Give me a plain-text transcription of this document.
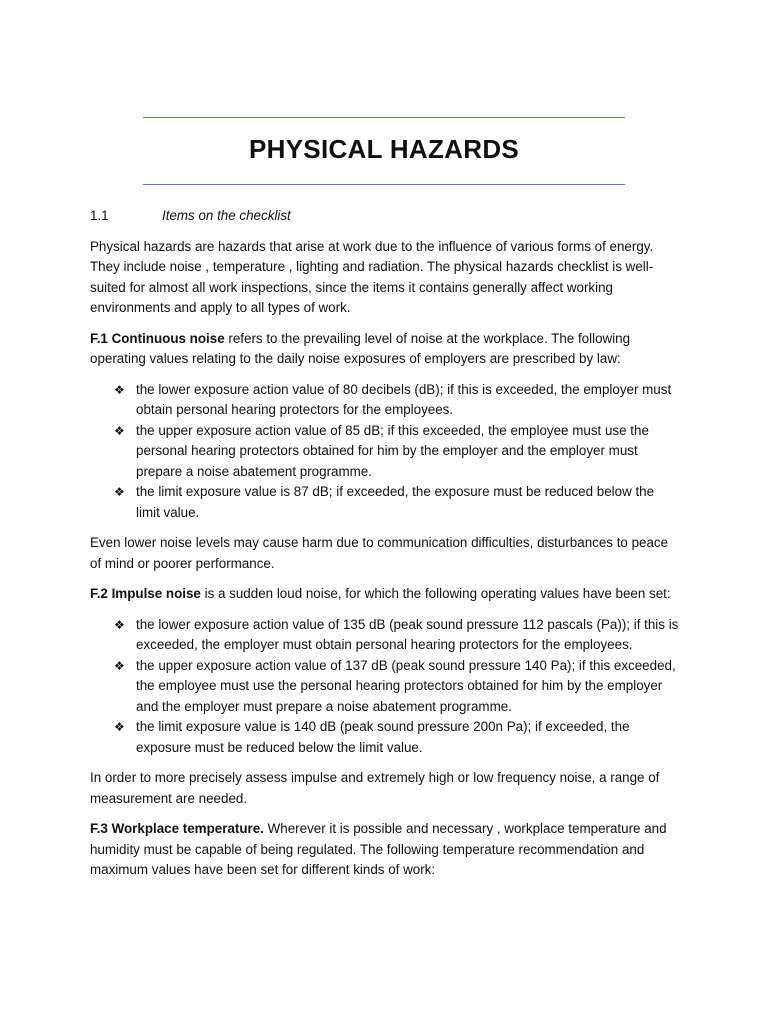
PHYSICAL HAZARDS
1.1	Items on the checklist

Physical hazards are hazards that arise at work due to the influence of various forms of energy. They include noise , temperature , lighting and radiation. The physical hazards checklist is well-suited for almost all work inspections, since the items it contains generally affect working environments and apply to all types of work.

F.1 Continuous noise refers to the prevailing level of noise at the workplace. The following operating values relating to the daily noise exposures of employers are prescribed by law:

❖ the lower exposure action value of 80 decibels (dB); if this is exceeded, the employer must obtain personal hearing protectors for the employees.
❖ the upper exposure action value of 85 dB; if this exceeded, the employee must use the personal hearing protectors obtained for him by the employer and the employer must prepare a noise abatement programme.
❖ the limit exposure value is 87 dB; if exceeded, the exposure must be reduced below the limit value.

Even lower noise levels may cause harm due to communication difficulties, disturbances to peace of mind or poorer performance.

F.2 Impulse noise is a sudden loud noise, for which the following operating values have been set:

❖ the lower exposure action value of 135 dB (peak sound pressure 112 pascals (Pa)); if this is exceeded, the employer must obtain personal hearing protectors for the employees.
❖ the upper exposure action value of 137 dB (peak sound pressure 140 Pa); if this exceeded, the employee must use the personal hearing protectors obtained for him by the employer and the employer must prepare a noise abatement programme.
❖ the limit exposure value is 140 dB (peak sound pressure 200n Pa); if exceeded, the exposure must be reduced below the limit value.

In order to more precisely assess impulse and extremely high or low frequency noise, a range of measurement are needed.

F.3 Workplace temperature. Wherever it is possible and necessary , workplace temperature and humidity must be capable of being regulated. The following temperature recommendation and maximum values have been set for different kinds of work:
